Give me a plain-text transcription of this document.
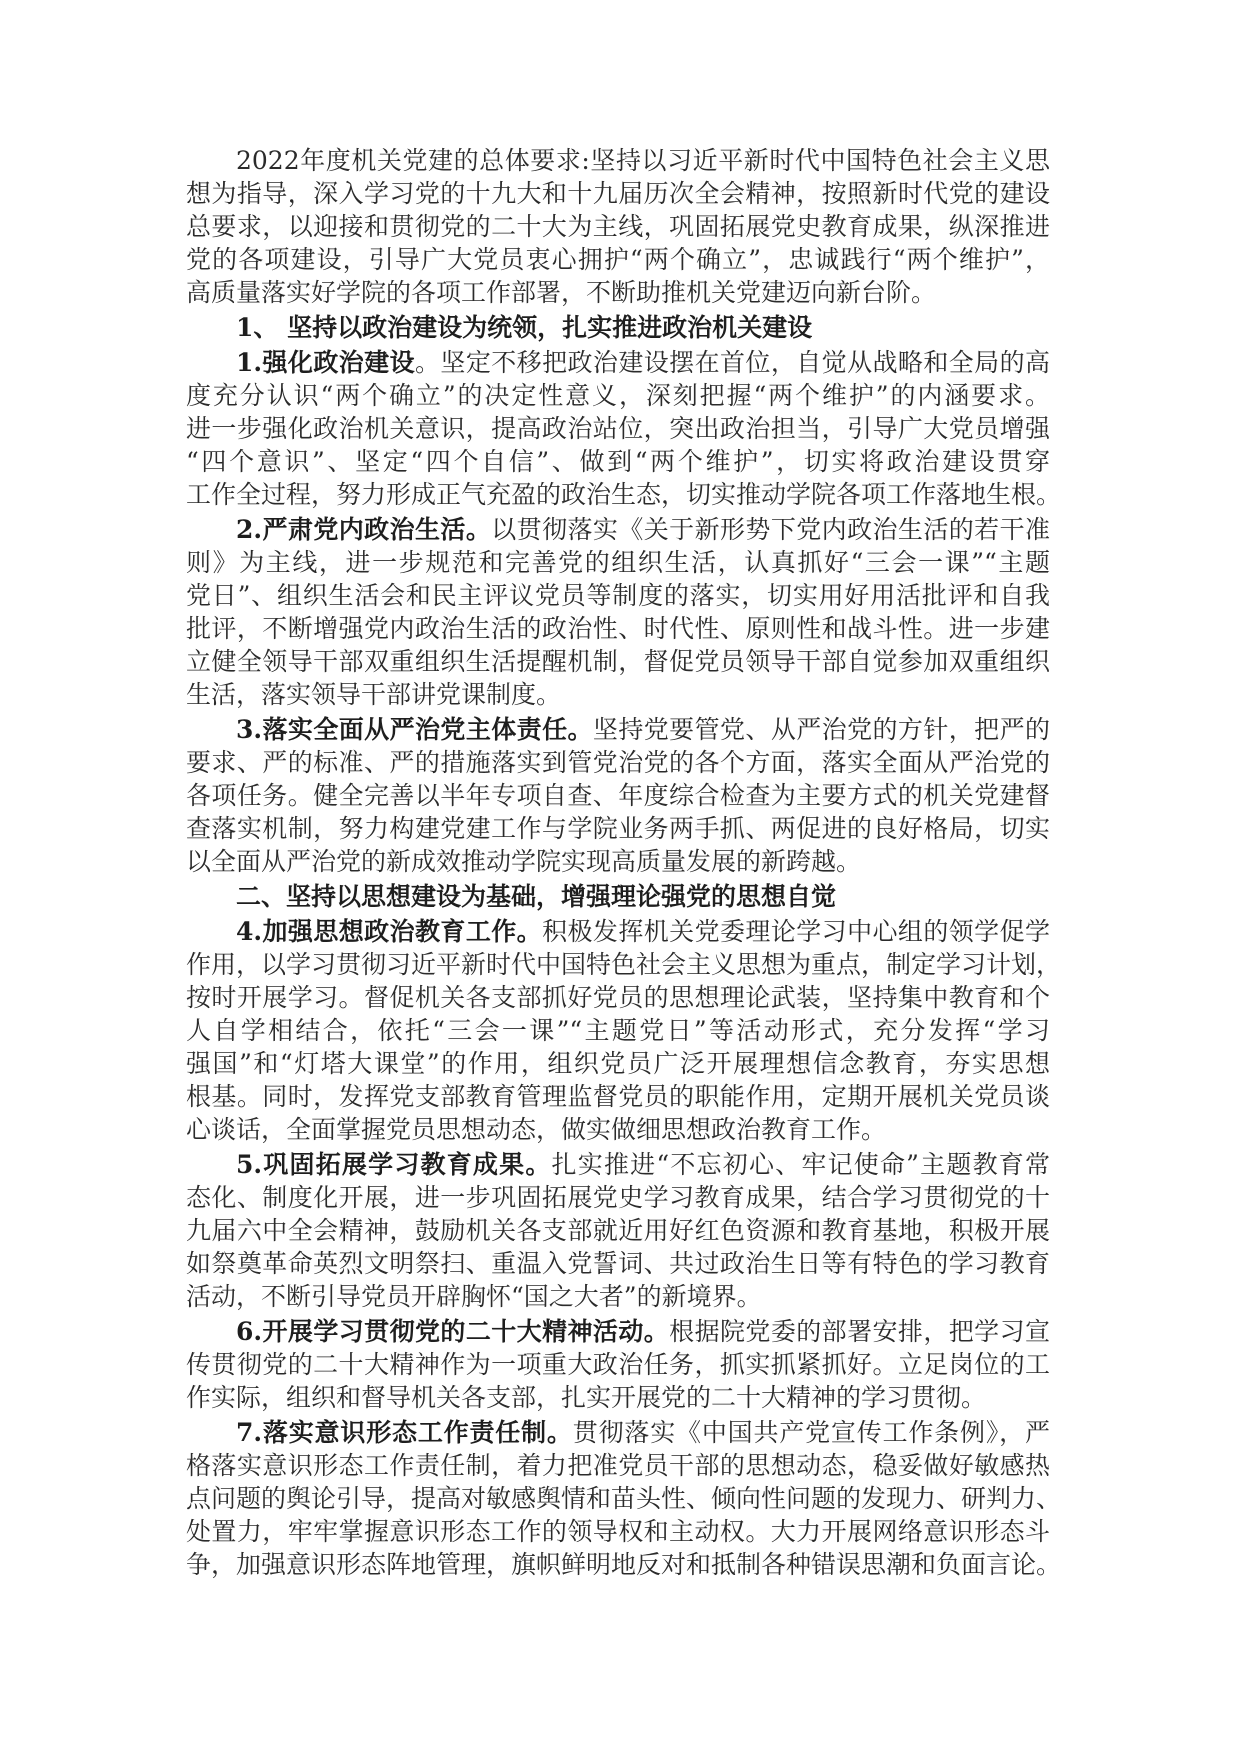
2022年度机关党建的总体要求:坚持以习近平新时代中国特色社会主义思
想为指导，深入学习党的十九大和十九届历次全会精神，按照新时代党的建设
总要求，以迎接和贯彻党的二十大为主线，巩固拓展党史教育成果，纵深推进
党的各项建设，引导广大党员衷心拥护“两个确立”，忠诚践行“两个维护”，
高质量落实好学院的各项工作部署，不断助推机关党建迈向新台阶。
1、 坚持以政治建设为统领，扎实推进政治机关建设
1.强化政治建设。坚定不移把政治建设摆在首位，自觉从战略和全局的高
度充分认识“两个确立”的决定性意义，深刻把握“两个维护”的内涵要求。
进一步强化政治机关意识，提高政治站位，突出政治担当，引导广大党员增强
“四个意识”、坚定“四个自信”、做到“两个维护”，切实将政治建设贯穿
工作全过程，努力形成正气充盈的政治生态，切实推动学院各项工作落地生根。
2.严肃党内政治生活。以贯彻落实《关于新形势下党内政治生活的若干准
则》为主线，进一步规范和完善党的组织生活，认真抓好“三会一课”“主题
党日”、组织生活会和民主评议党员等制度的落实，切实用好用活批评和自我
批评，不断增强党内政治生活的政治性、时代性、原则性和战斗性。进一步建
立健全领导干部双重组织生活提醒机制，督促党员领导干部自觉参加双重组织
生活，落实领导干部讲党课制度。
3.落实全面从严治党主体责任。坚持党要管党、从严治党的方针，把严的
要求、严的标准、严的措施落实到管党治党的各个方面，落实全面从严治党的
各项任务。健全完善以半年专项自查、年度综合检查为主要方式的机关党建督
查落实机制，努力构建党建工作与学院业务两手抓、两促进的良好格局，切实
以全面从严治党的新成效推动学院实现高质量发展的新跨越。
二、坚持以思想建设为基础，增强理论强党的思想自觉
4.加强思想政治教育工作。积极发挥机关党委理论学习中心组的领学促学
作用，以学习贯彻习近平新时代中国特色社会主义思想为重点，制定学习计划，
按时开展学习。督促机关各支部抓好党员的思想理论武装，坚持集中教育和个
人自学相结合，依托“三会一课”“主题党日”等活动形式，充分发挥“学习
强国”和“灯塔大课堂”的作用，组织党员广泛开展理想信念教育，夯实思想
根基。同时，发挥党支部教育管理监督党员的职能作用，定期开展机关党员谈
心谈话，全面掌握党员思想动态，做实做细思想政治教育工作。
5.巩固拓展学习教育成果。扎实推进“不忘初心、牢记使命”主题教育常
态化、制度化开展，进一步巩固拓展党史学习教育成果，结合学习贯彻党的十
九届六中全会精神，鼓励机关各支部就近用好红色资源和教育基地，积极开展
如祭奠革命英烈文明祭扫、重温入党誓词、共过政治生日等有特色的学习教育
活动，不断引导党员开辟胸怀“国之大者”的新境界。
6.开展学习贯彻党的二十大精神活动。根据院党委的部署安排，把学习宣
传贯彻党的二十大精神作为一项重大政治任务，抓实抓紧抓好。立足岗位的工
作实际，组织和督导机关各支部，扎实开展党的二十大精神的学习贯彻。
7.落实意识形态工作责任制。贯彻落实《中国共产党宣传工作条例》，严
格落实意识形态工作责任制，着力把准党员干部的思想动态，稳妥做好敏感热
点问题的舆论引导，提高对敏感舆情和苗头性、倾向性问题的发现力、研判力、
处置力，牢牢掌握意识形态工作的领导权和主动权。大力开展网络意识形态斗
争，加强意识形态阵地管理，旗帜鲜明地反对和抵制各种错误思潮和负面言论。
